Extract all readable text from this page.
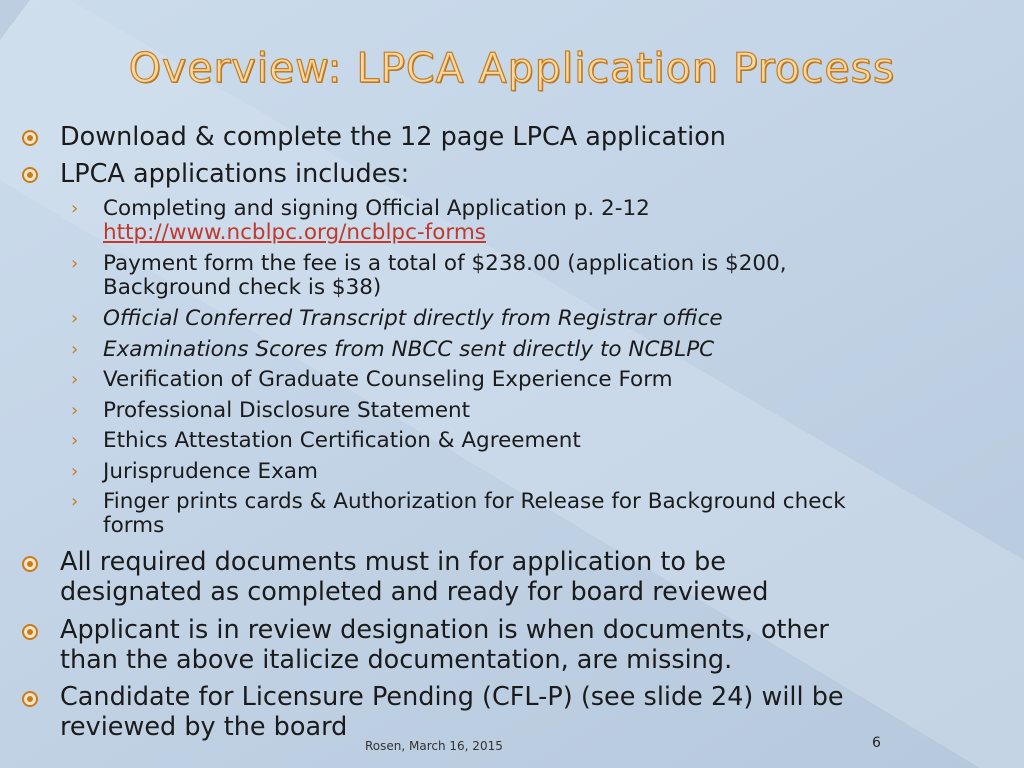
Overview: LPCA Application Process
Download & complete the 12 page LPCA application
LPCA applications includes:
› Completing and signing Official Application p. 2-12
http://www.ncblpc.org/ncblpc-forms
› Payment form the fee is a total of $238.00 (application is $200,
Background check is $38)
› Official Conferred Transcript directly from Registrar office
› Examinations Scores from NBCC sent directly to NCBLPC
› Verification of Graduate Counseling Experience Form
› Professional Disclosure Statement
› Ethics Attestation Certification & Agreement
› Jurisprudence Exam
› Finger prints cards & Authorization for Release for Background check
forms
All required documents must in for application to be
designated as completed and ready for board reviewed
Applicant is in review designation is when documents, other
than the above italicize documentation, are missing.
Candidate for Licensure Pending (CFL-P) (see slide 24) will be
reviewed by the board
Rosen, March 16, 2015	6
